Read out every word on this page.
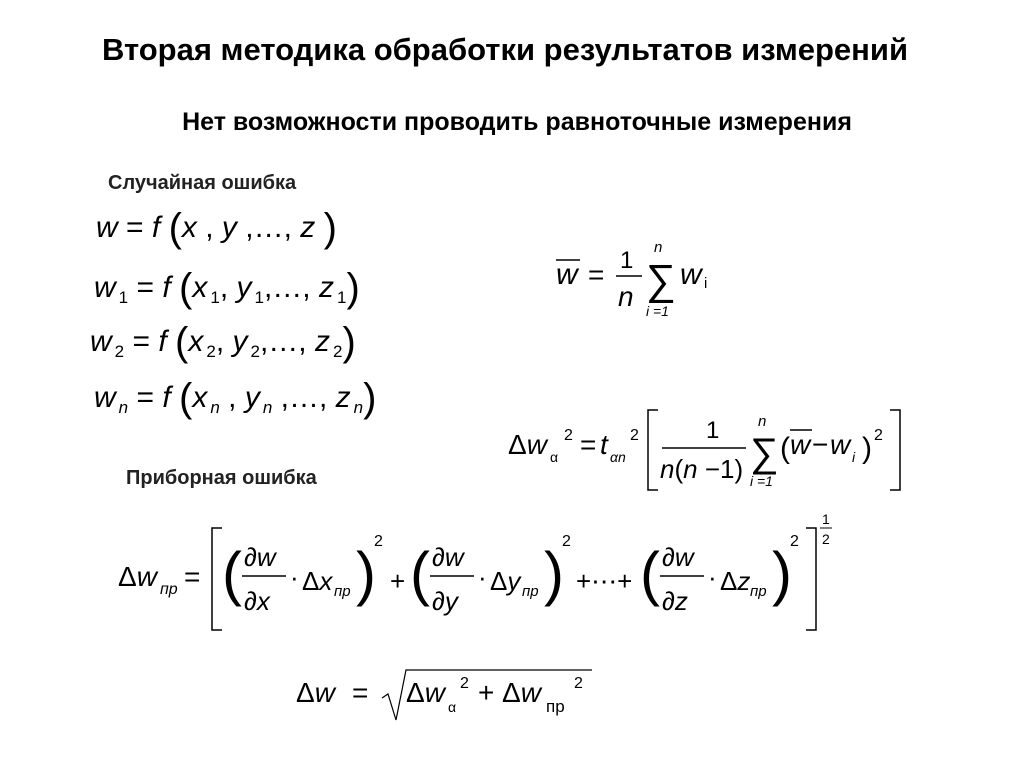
Вторая методика обработки результатов измерений
Нет возможности проводить равноточные измерения
Случайная ошибка
Приборная ошибка
w = f (x , y ,…, z )
w $_1$ = f (x $_1$, y $_1$,…, z $_1$)
w $_2$ = f (x $_2$, y $_2$,…, z $_2$)
w $_n$ = f (x $_n$ , y $_n$ ,…, z $_n$)
w = 1
n
n
∑
i =1
w i
Δw α
2 = t αn
2	1
n(n −1)
n
∑
i =1
( w − w i ) 2
Δw пр = ( ∂w
∂x
· Δx пр )
2
+ ( ∂w
∂y
· Δy пр )
2
+⋯+ ( ∂w
∂z
· Δz пр )
2
1
2
Δw = Δw α
2 + Δw пр
2
